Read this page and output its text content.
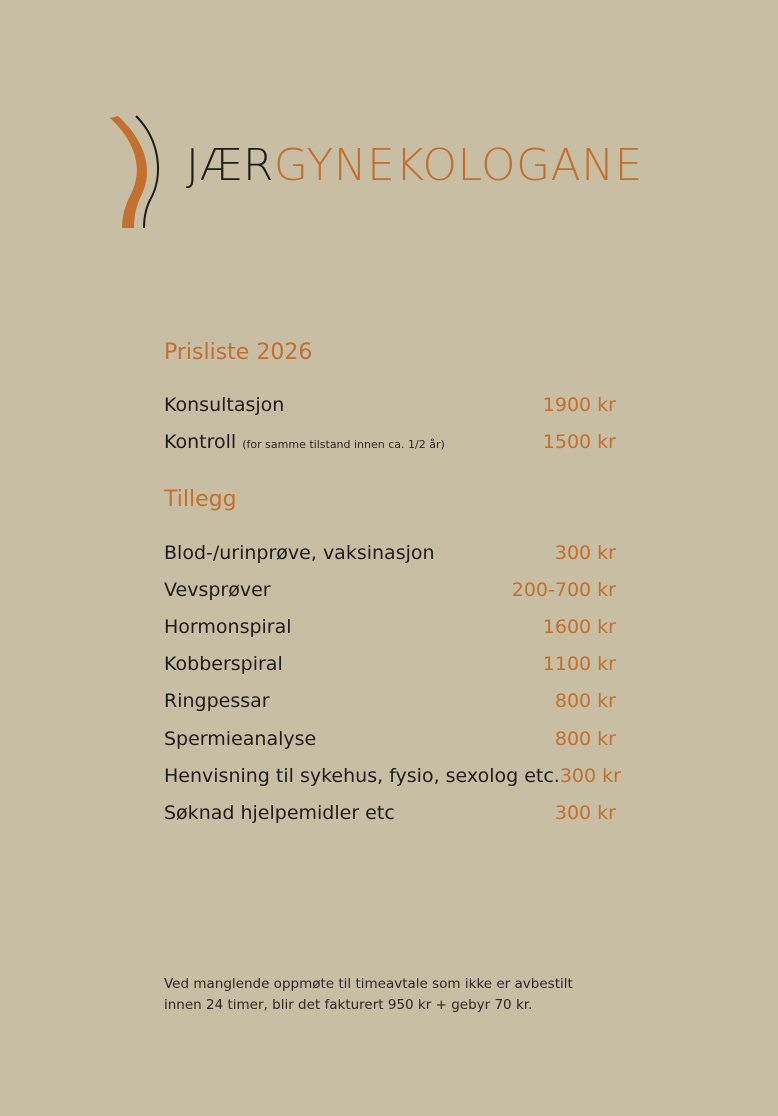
JÆRGYNEKOLOGANE
Prisliste 2026
Konsultasjon	1900 kr
Kontroll (for samme tilstand innen ca. 1/2 år)	1500 kr
Tillegg
Blod-/urinprøve, vaksinasjon	300 kr
Vevsprøver	200-700 kr
Hormonspiral	1600 kr
Kobberspiral	1100 kr
Ringpessar	800 kr
Spermieanalyse	800 kr
Henvisning til sykehus, fysio, sexolog etc. 300 kr
Søknad hjelpemidler etc	300 kr
Ved manglende oppmøte til timeavtale som ikke er avbestilt
innen 24 timer, blir det fakturert 950 kr + gebyr 70 kr.
